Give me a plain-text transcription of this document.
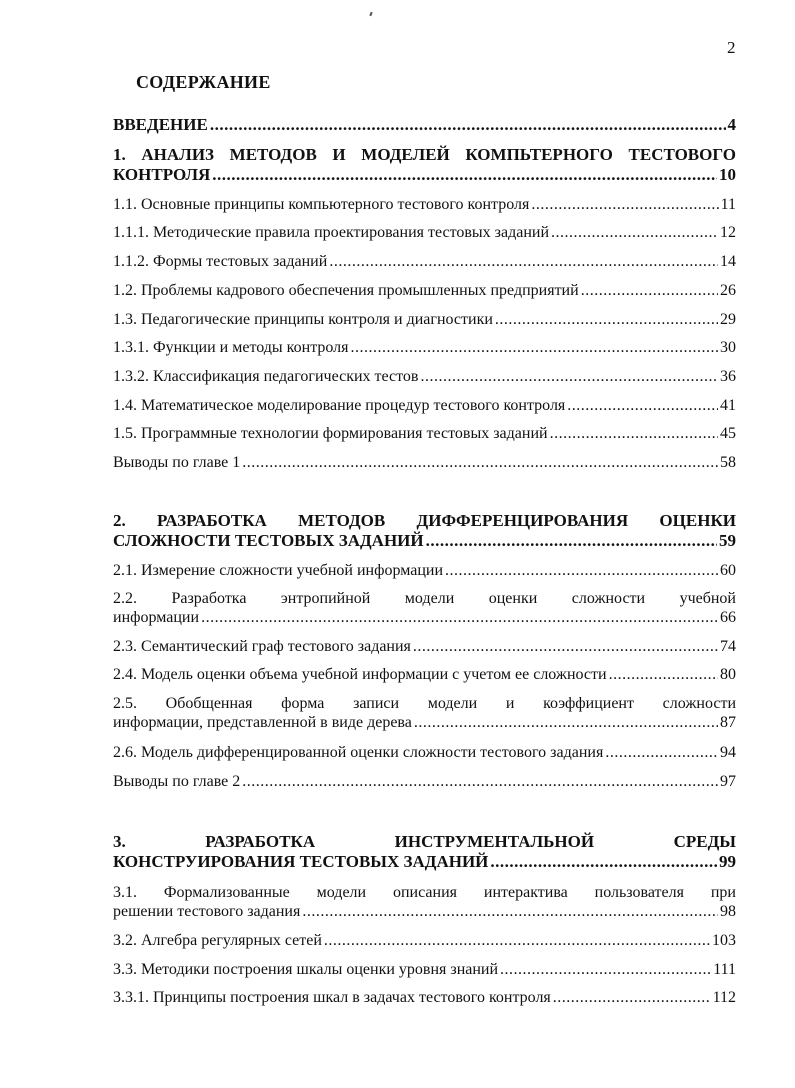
2
СОДЕРЖАНИЕ
ВВЕДЕНИЕ .....	4
1. АНАЛИЗ МЕТОДОВ И МОДЕЛЕЙ КОМПЬТЕРНОГО ТЕСТОВОГО
КОНТРОЛЯ .....	10
1.1. Основные принципы компьютерного тестового контроля .....	11
1.1.1. Методические правила проектирования тестовых заданий .....	12
1.1.2. Формы тестовых заданий .....	14
1.2. Проблемы кадрового обеспечения промышленных предприятий .....	26
1.3. Педагогические принципы контроля и диагностики .....	29
1.3.1. Функции и методы контроля .....	30
1.3.2. Классификация педагогических тестов .....	36
1.4. Математическое моделирование процедур тестового контроля .....	41
1.5. Программные технологии формирования тестовых заданий .....	45
Выводы по главе 1 .....	58
2. РАЗРАБОТКА МЕТОДОВ ДИФФЕРЕНЦИРОВАНИЯ ОЦЕНКИ
СЛОЖНОСТИ ТЕСТОВЫХ ЗАДАНИЙ .....	59
2.1. Измерение сложности учебной информации .....	60
2.2. Разработка энтропийной модели оценки сложности учебной
информации .....	66
2.3. Семантический граф тестового задания .....	74
2.4. Модель оценки объема учебной информации с учетом ее сложности .....	80
2.5. Обобщенная форма записи модели и коэффициент сложности
информации, представленной в виде дерева .....	87
2.6. Модель дифференцированной оценки сложности тестового задания .....	94
Выводы по главе 2 .....	97
3. РАЗРАБОТКА ИНСТРУМЕНТАЛЬНОЙ СРЕДЫ
КОНСТРУИРОВАНИЯ ТЕСТОВЫХ ЗАДАНИЙ .....	99
3.1. Формализованные модели описания интерактива пользователя при
решении тестового задания .....	98
3.2. Алгебра регулярных сетей .....	103
3.3. Методики построения шкалы оценки уровня знаний .....	111
3.3.1. Принципы построения шкал в задачах тестового контроля .....	112
